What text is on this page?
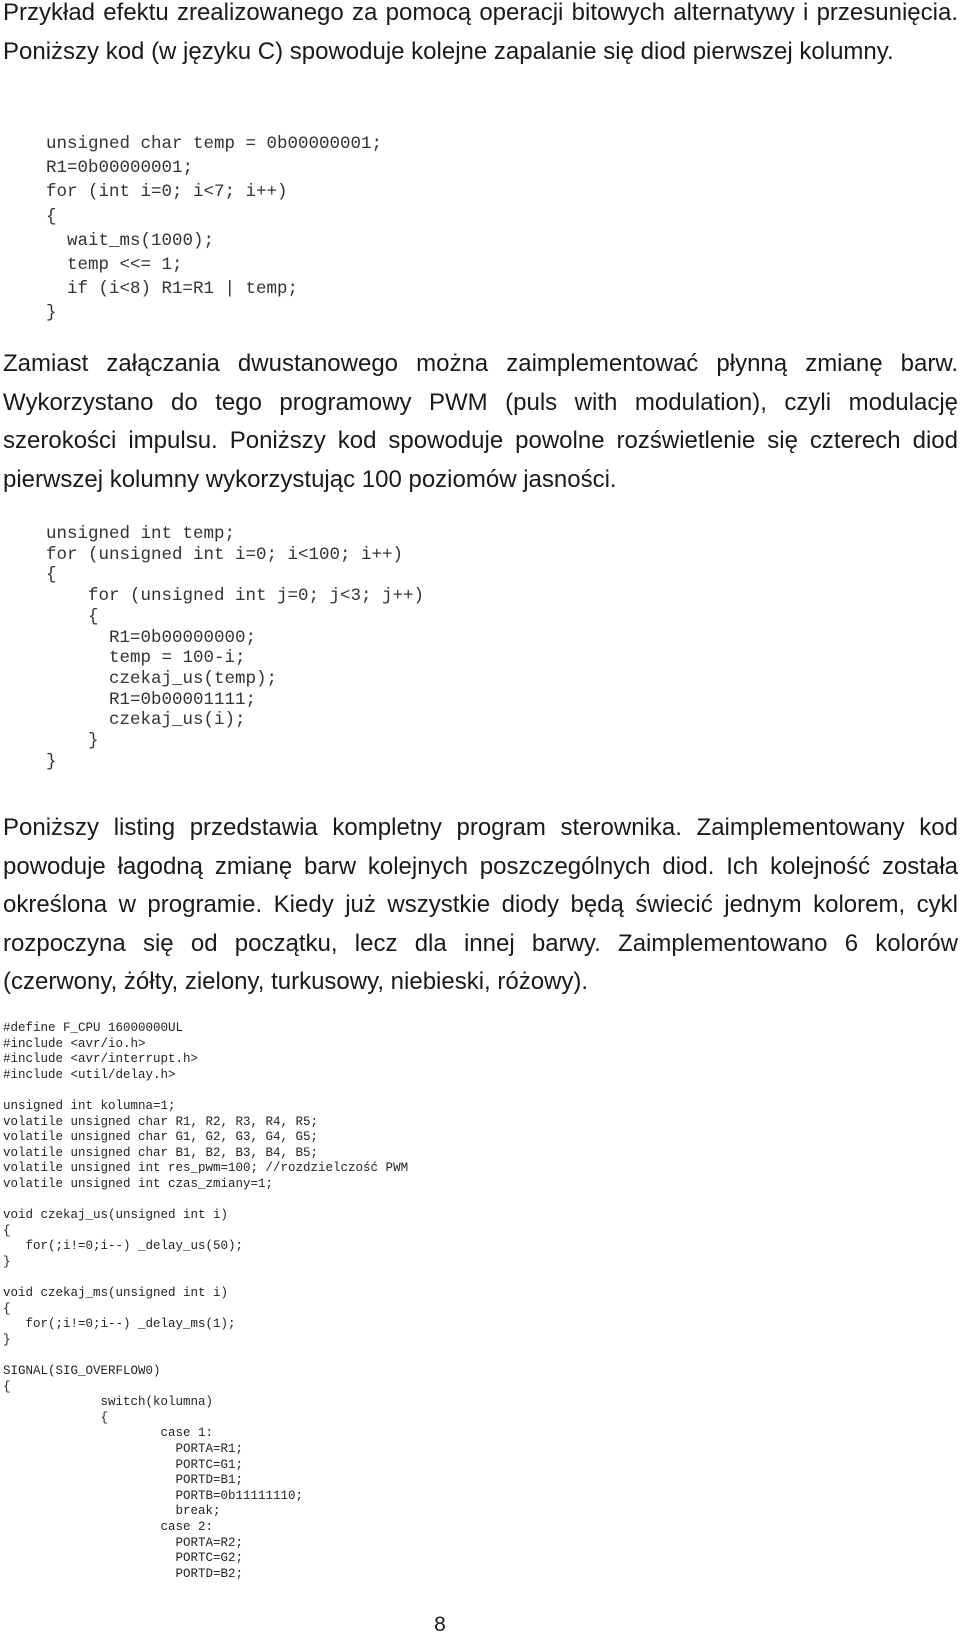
Przykład efektu zrealizowanego za pomocą operacji bitowych alternatywy i przesunięcia. Poniższy kod (w języku C) spowoduje kolejne zapalanie się diod pierwszej kolumny.

unsigned char temp = 0b00000001;
R1=0b00000001;
for (int i=0; i<7; i++)
{
wait_ms(1000);
temp <<= 1;
if (i<8) R1=R1 | temp;
}

Zamiast załączania dwustanowego można zaimplementować płynną zmianę barw. Wykorzystano do tego programowy PWM (puls with modulation), czyli modulację szerokości impulsu. Poniższy kod spowoduje powolne rozświetlenie się czterech diod pierwszej kolumny wykorzystując 100 poziomów jasności.

unsigned int temp;
for (unsigned int i=0; i<100; i++)
{
for (unsigned int j=0; j<3; j++)
{
R1=0b00000000;
temp = 100-i;
czekaj_us(temp);
R1=0b00001111;
czekaj_us(i);
}
}

Poniższy listing przedstawia kompletny program sterownika. Zaimplementowany kod powoduje łagodną zmianę barw kolejnych poszczególnych diod. Ich kolejność została określona w programie. Kiedy już wszystkie diody będą świecić jednym kolorem, cykl rozpoczyna się od początku, lecz dla innej barwy. Zaimplementowano 6 kolorów (czerwony, żółty, zielony, turkusowy, niebieski, różowy).

#define F_CPU 16000000UL
#include <avr/io.h>
#include <avr/interrupt.h>
#include <util/delay.h>

unsigned int kolumna=1;
volatile unsigned char R1, R2, R3, R4, R5;
volatile unsigned char G1, G2, G3, G4, G5;
volatile unsigned char B1, B2, B3, B4, B5;
volatile unsigned int res_pwm=100; //rozdzielczość PWM
volatile unsigned int czas_zmiany=1;

void czekaj_us(unsigned int i)
{
for(;i!=0;i--) _delay_us(50);
}

void czekaj_ms(unsigned int i)
{
for(;i!=0;i--) _delay_ms(1);
}

SIGNAL(SIG_OVERFLOW0)
{
switch(kolumna)
{
case 1:
PORTA=R1;
PORTC=G1;
PORTD=B1;
PORTB=0b11111110;
break;
case 2:
PORTA=R2;
PORTC=G2;
PORTD=B2;
8
